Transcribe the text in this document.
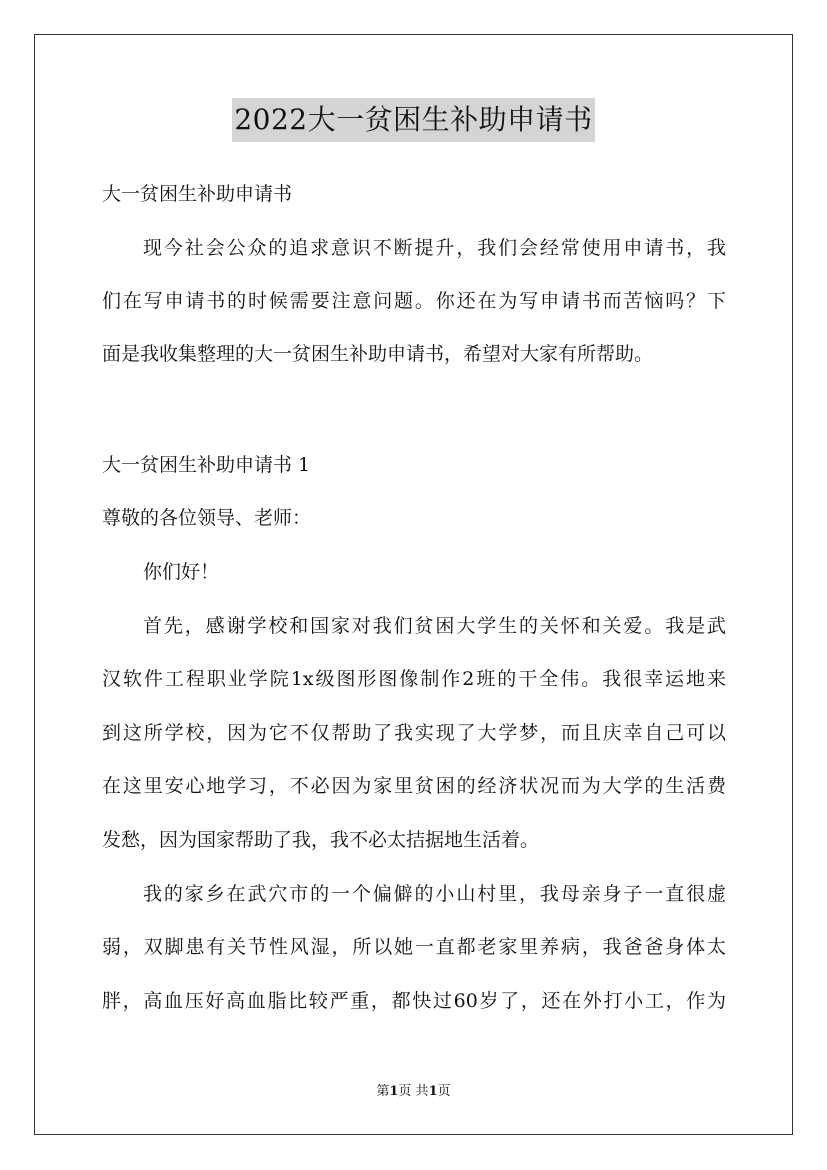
2022大一贫困生补助申请书

大一贫困生补助申请书

现今社会公众的追求意识不断提升，我们会经常使用申请书，我

们在写申请书的时候需要注意问题。你还在为写申请书而苦恼吗？下

面是我收集整理的大一贫困生补助申请书，希望对大家有所帮助。

大一贫困生补助申请书 1

尊敬的各位领导、老师：

你们好！

首先，感谢学校和国家对我们贫困大学生的关怀和关爱。我是武

汉软件工程职业学院1x级图形图像制作2班的干全伟。我很幸运地来

到这所学校，因为它不仅帮助了我实现了大学梦，而且庆幸自己可以

在这里安心地学习，不必因为家里贫困的经济状况而为大学的生活费

发愁，因为国家帮助了我，我不必太拮据地生活着。

我的家乡在武穴市的一个偏僻的小山村里，我母亲身子一直很虚

弱，双脚患有关节性风湿，所以她一直都老家里养病，我爸爸身体太

胖，高血压好高血脂比较严重，都快过60岁了，还在外打小工，作为

第1页 共1页
